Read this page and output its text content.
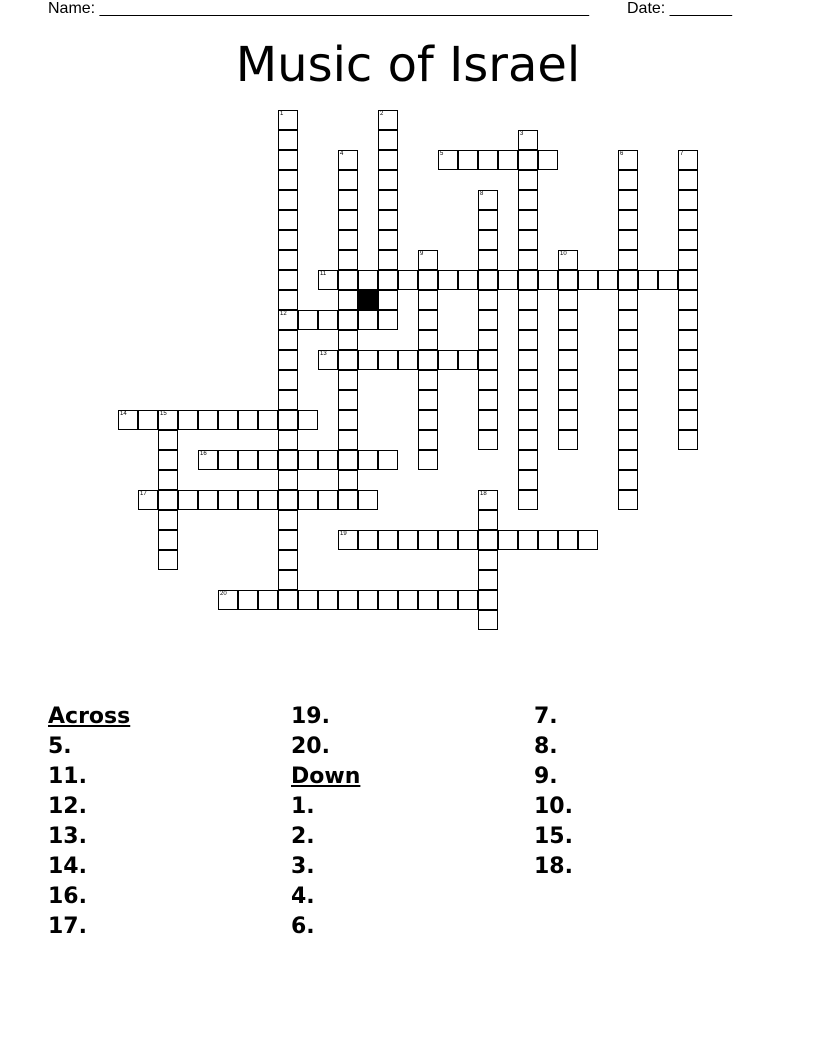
Name: _______________________________________________________ Date: _______
Music of Israel
1
12
2
3
4	5	6	7
8
9	10
11
13
14	15
16
17	18
19
20
Across
5.
11.
12.
13.
14.
16.
17.
19.
20.
Down
1.
2.
3.
4.
6.
7.
8.
9.
10.
15.
18.
